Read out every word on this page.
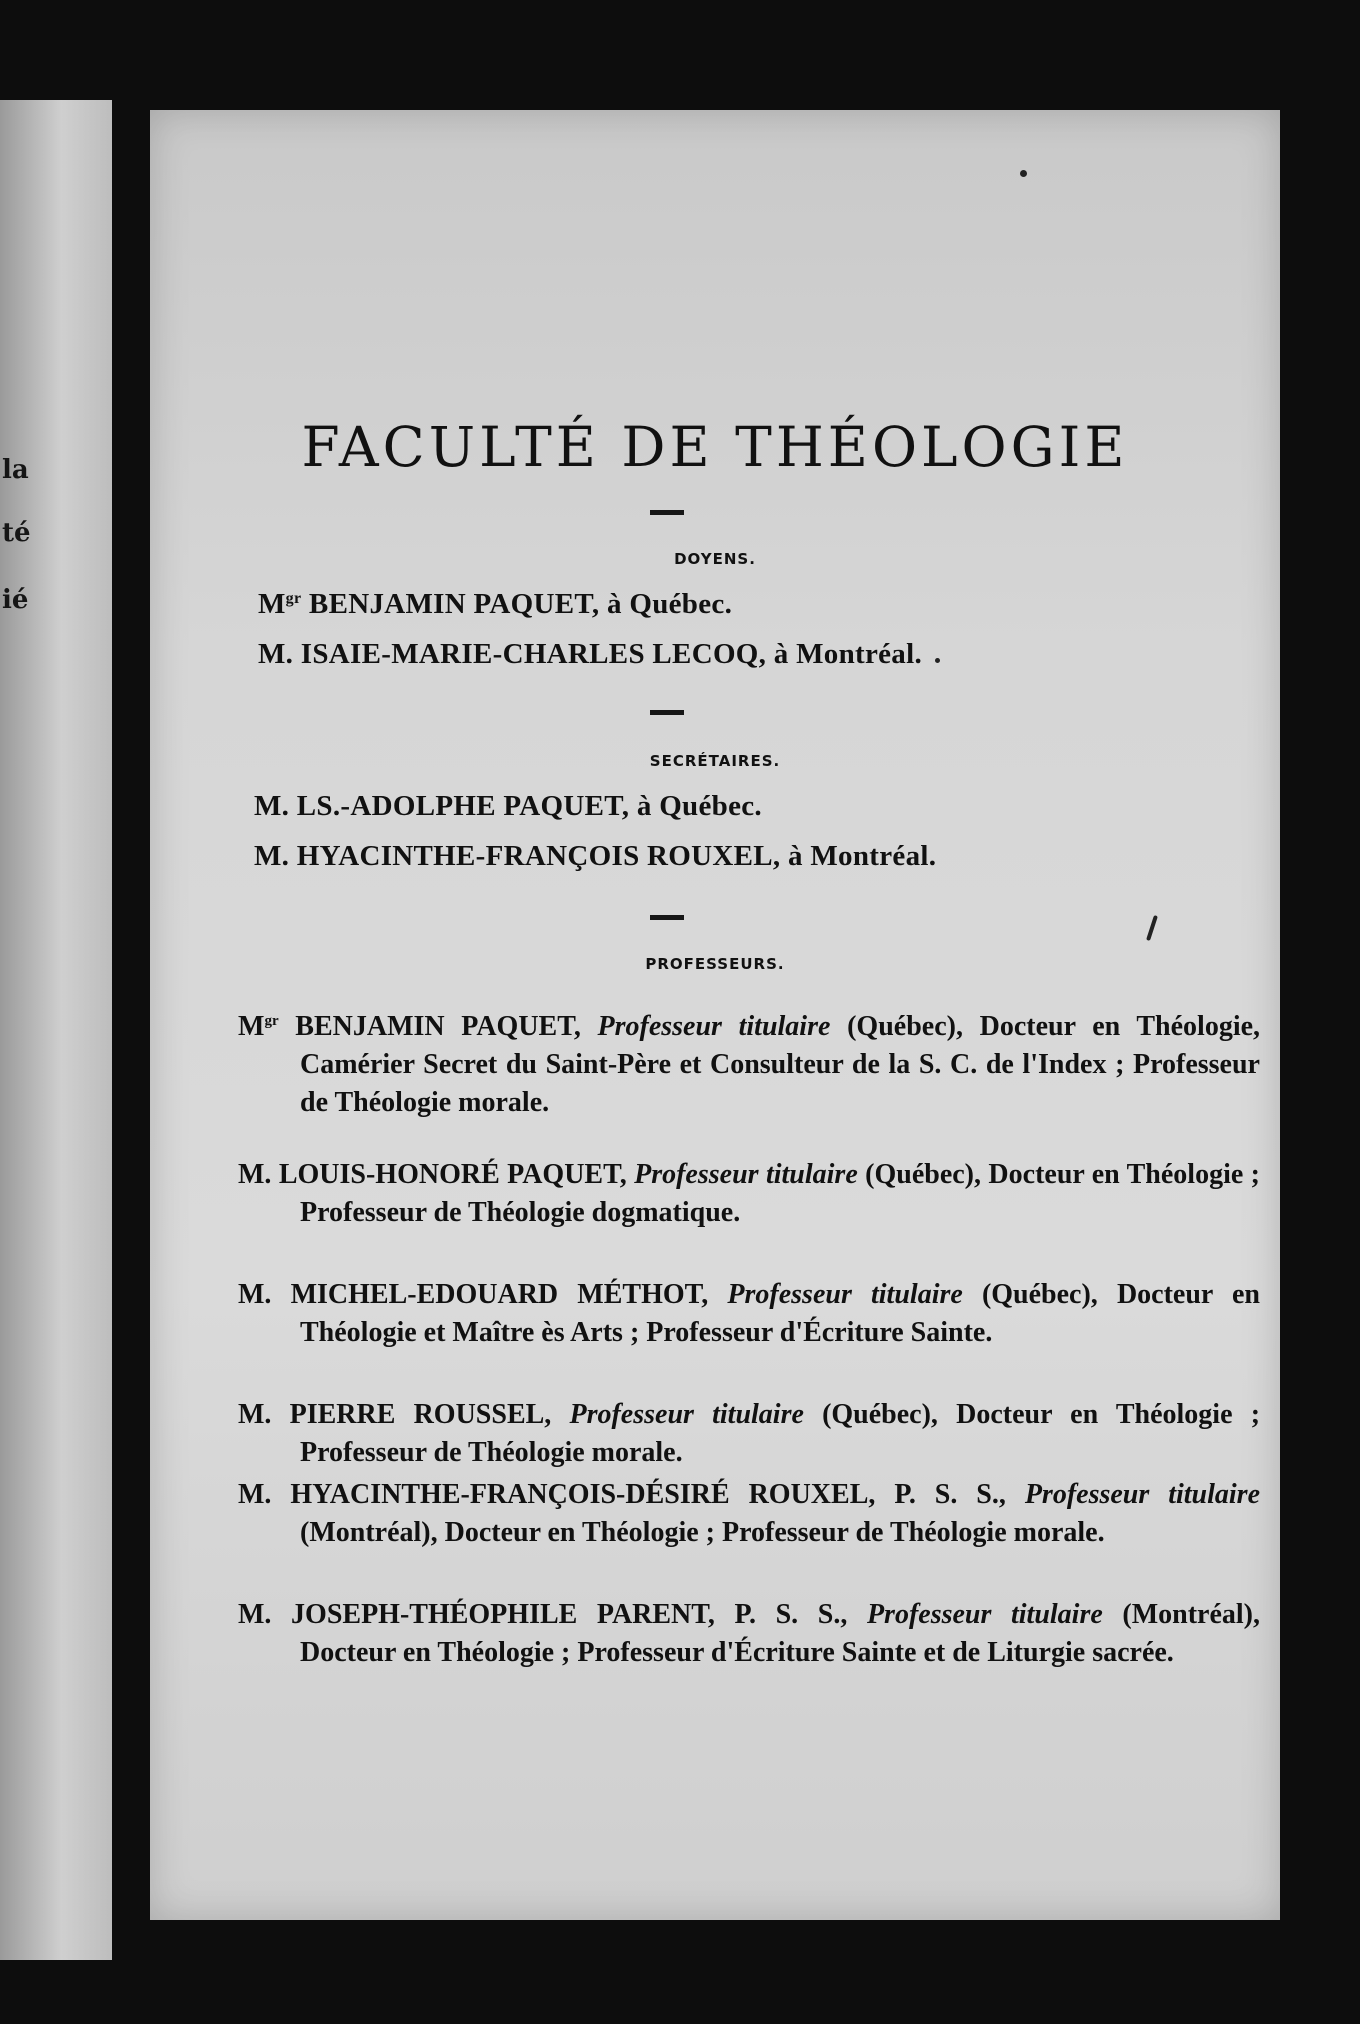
la
té
ié
FACULTÉ DE THÉOLOGIE
DOYENS.
$M^{gr}$ BENJAMIN PAQUET, à Québec.
M. ISAIE-MARIE-CHARLES LECOQ, à Montréal.
SECRÉTAIRES.
M. LS.-ADOLPHE PAQUET, à Québec.
M. HYACINTHE-FRANÇOIS ROUXEL, à Montréal.
PROFESSEURS.
$M^{gr}$ BENJAMIN PAQUET, Professeur titulaire (Québec), Docteur en Théologie, Camérier Secret du Saint-Père et Consulteur de la S. C. de l'Index ; Professeur de Théologie morale.
M. LOUIS-HONORÉ PAQUET, Professeur titulaire (Québec), Docteur en Théologie ; Professeur de Théologie dogmatique.
M. MICHEL-EDOUARD MÉTHOT, Professeur titulaire (Québec), Docteur en Théologie et Maître ès Arts ; Professeur d'Écriture Sainte.
M. PIERRE ROUSSEL, Professeur titulaire (Québec), Docteur en Théologie ; Professeur de Théologie morale.
M. HYACINTHE-FRANÇOIS-DÉSIRÉ ROUXEL, P. S. S., Professeur titulaire (Montréal), Docteur en Théologie ; Professeur de Théologie morale.
M. JOSEPH-THÉOPHILE PARENT, P. S. S., Professeur titulaire (Montréal), Docteur en Théologie ; Professeur d'Écriture Sainte et de Liturgie sacrée.
